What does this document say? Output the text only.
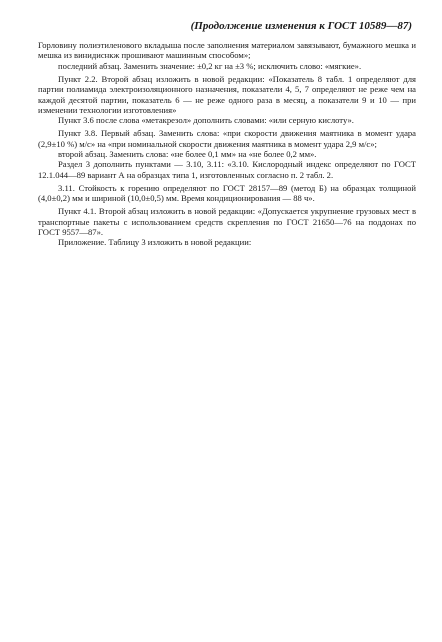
(Продолжение изменения к ГОСТ 10589—87)

Горловину полиэтиленового вкладыша после заполнения материалом завязывают, бумажного мешка и мешка из винидиснкж прошивают машинным способом»;

последний абзац. Заменить значение: ±0,2 кг на ±3 %; исключить слово: «мягкие».

Пункт 2.2. Второй абзац изложить в новой редакции: «Показатель 8 табл. 1 определяют для партии полиамида электроизоляционного назначения, показатели 4, 5, 7 определяют не реже чем на каждой десятой партии, показатель 6 — не реже одного раза в месяц, а показатели 9 и 10 — при изменении технологии изготовления»

Пункт 3.6 после слова «метакрезол» дополнить словами: «или серную кислоту».

Пункт 3.8. Первый абзац. Заменить слова: «при скорости движения маятника в момент удара (2,9±10 %) м/с» на «при номинальной скорости движения маятника в момент удара 2,9 м/с»;

второй абзац. Заменить слова: «не более 0,1 мм» на «не более 0,2 мм».

Раздел 3 дополнить пунктами — 3.10, 3.11: «3.10. Кислородный индекс определяют по ГОСТ 12.1.044—89 вариант А на образцах типа 1, изготовленных согласно п. 2 табл. 2.

3.11. Стойкость к горению определяют по ГОСТ 28157—89 (метод Б) на образцах толщиной (4,0±0,2) мм и шириной (10,0±0,5) мм. Время кондиционирования — 88 ч».

Пункт 4.1. Второй абзац изложить в новой редакции: «Допускается укрупнение грузовых мест в транспортные пакеты с использованием средств скрепления по ГОСТ 21650—76 на поддонах по ГОСТ 9557—87».

Приложение. Таблицу 3 изложить в новой редакции:
